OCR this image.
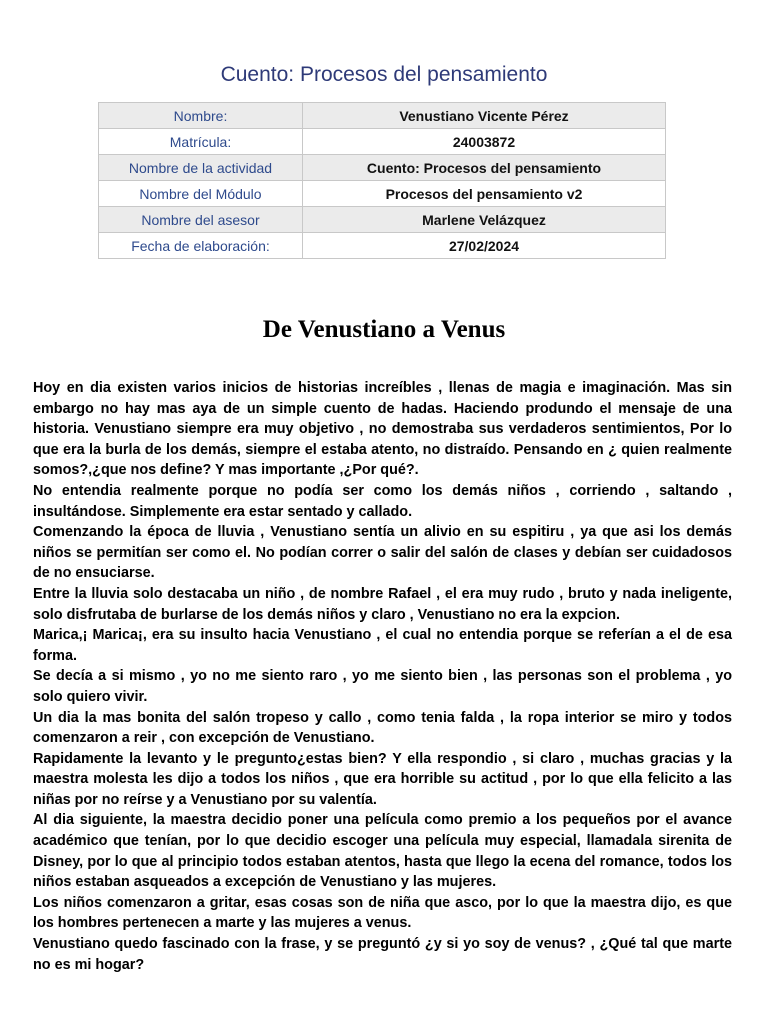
Cuento: Procesos del pensamiento
Nombre:	Venustiano Vicente Pérez
Matrícula:	24003872
Nombre de la actividad	Cuento: Procesos del pensamiento
Nombre del Módulo	Procesos del pensamiento v2
Nombre del asesor	Marlene Velázquez
Fecha de elaboración:	27/02/2024
De Venustiano a Venus

Hoy en dia existen varios inicios de historias increíbles , llenas de magia e imaginación. Mas sin embargo no hay mas aya de un simple cuento de hadas. Haciendo produndo el mensaje de una historia. Venustiano siempre era muy objetivo , no demostraba sus verdaderos sentimientos, Por lo que era la burla de los demás, siempre el estaba atento, no distraído. Pensando en ¿ quien realmente somos?,¿que nos define? Y mas importante ,¿Por qué?.

No entendia realmente porque no podía ser como los demás niños , corriendo , saltando , insultándose. Simplemente era estar sentado y callado.

Comenzando la época de lluvia , Venustiano sentía un alivio en su espitiru , ya que asi los demás niños se permitían ser como el. No podían correr o salir del salón de clases y debían ser cuidadosos de no ensuciarse.

Entre la lluvia solo destacaba un niño , de nombre Rafael , el era muy rudo , bruto y nada ineligente, solo disfrutaba de burlarse de los demás niños y claro , Venustiano no era la expcion.

Marica,¡ Marica¡, era su insulto hacia Venustiano , el cual no entendia porque se referían a el de esa forma.

Se decía a si mismo , yo no me siento raro , yo me siento bien , las personas son el problema , yo solo quiero vivir.

Un dia la mas bonita del salón tropeso y callo , como tenia falda , la ropa interior se miro y todos comenzaron a reir , con excepción de Venustiano.

Rapidamente la levanto y le pregunto¿estas bien? Y ella respondio , si claro , muchas gracias y la maestra molesta les dijo a todos los niños , que era horrible su actitud , por lo que ella felicito a las niñas por no reírse y a Venustiano por su valentía.

Al dia siguiente, la maestra decidio poner una película como premio a los pequeños por el avance académico que tenían, por lo que decidio escoger una película muy especial, llamadala sirenita de Disney, por lo que al principio todos estaban atentos, hasta que llego la ecena del romance, todos los niños estaban asqueados a excepción de Venustiano y las mujeres.

Los niños comenzaron a gritar, esas cosas son de niña que asco, por lo que la maestra dijo, es que los hombres pertenecen a marte y las mujeres a venus.

Venustiano quedo fascinado con la frase, y se preguntó ¿y si yo soy de venus? , ¿Qué tal que marte no es mi hogar?
